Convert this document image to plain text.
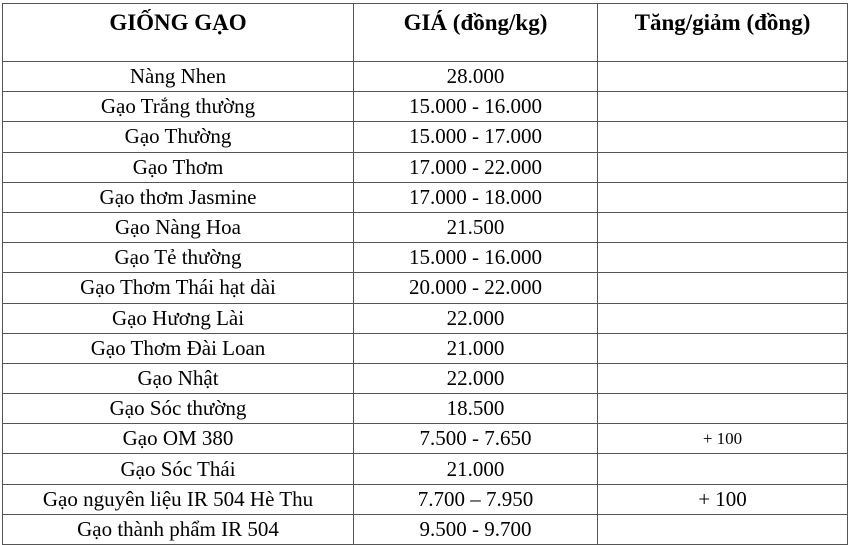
GIỐNG GẠO	GIÁ (đồng/kg)	Tăng/giảm (đồng)
Nàng Nhen	28.000	
Gạo Trắng thường	15.000 - 16.000	
Gạo Thường	15.000 - 17.000	
Gạo Thơm	17.000 - 22.000	
Gạo thơm Jasmine	17.000 - 18.000	
Gạo Nàng Hoa	21.500	
Gạo Tẻ thường	15.000 - 16.000	
Gạo Thơm Thái hạt dài	20.000 - 22.000	
Gạo Hương Lài	22.000	
Gạo Thơm Đài Loan	21.000	
Gạo Nhật	22.000	
Gạo Sóc thường	18.500	
Gạo OM 380	7.500 - 7.650	+ 100
Gạo Sóc Thái	21.000	
Gạo nguyên liệu IR 504 Hè Thu	7.700 – 7.950	+ 100
Gạo thành phẩm IR 504	9.500 - 9.700	
